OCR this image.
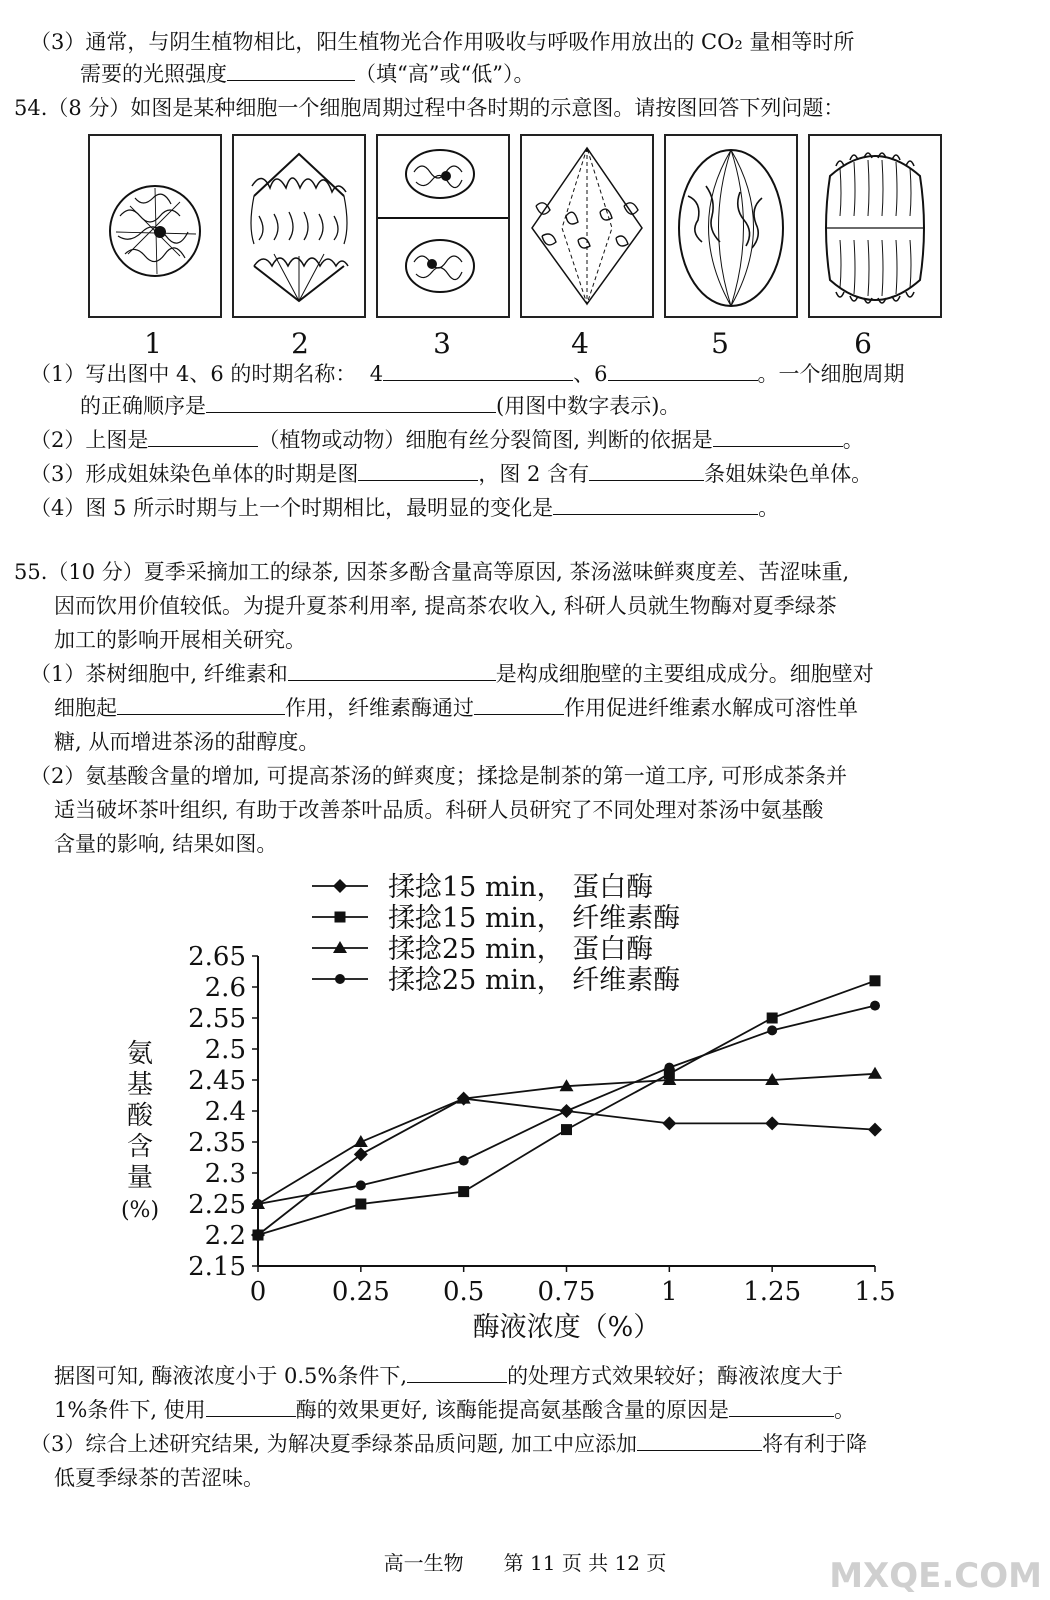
（3）通常，与阴生植物相比，阳生植物光合作用吸收与呼吸作用放出的 CO₂ 量相等时所
需要的光照强度	（填“高”或“低”）。
54.（8 分）如图是某种细胞一个细胞周期过程中各时期的示意图。请按图回答下列问题：
1	2	3	4	5	6
（1）写出图中 4、6 的时期名称： 4	、6	。一个细胞周期
的正确顺序是	(用图中数字表示)。
（2）上图是	（植物或动物）细胞有丝分裂简图, 判断的依据是	。
（3）形成姐妹染色单体的时期是图	，图 2 含有	条姐妹染色单体。
（4）图 5 所示时期与上一个时期相比，最明显的变化是	。
55.（10 分）夏季采摘加工的绿茶, 因茶多酚含量高等原因, 茶汤滋味鲜爽度差、苦涩味重,
因而饮用价值较低。为提升夏茶利用率, 提高茶农收入, 科研人员就生物酶对夏季绿茶
加工的影响开展相关研究。
（1）茶树细胞中, 纤维素和	是构成细胞壁的主要组成成分。细胞壁对
细胞起	作用，纤维素酶通过	作用促进纤维素水解成可溶性单
糖, 从而增进茶汤的甜醇度。
（2）氨基酸含量的增加, 可提高茶汤的鲜爽度；揉捻是制茶的第一道工序, 可形成茶条并
适当破坏茶叶组织, 有助于改善茶叶品质。科研人员研究了不同处理对茶汤中氨基酸
含量的影响, 结果如图。
2.15
2.2
2.25
2.3
2.35
2.4
2.45
2.5
2.55
2.6
2.65
0	0.25 0.5 0.75	1	1.25 1.5
酶液浓度（%）
氨
基
酸
含
量
(%)
揉捻15 min， 蛋白酶
揉捻15 min， 纤维素酶
揉捻25 min， 蛋白酶
揉捻25 min， 纤维素酶
据图可知, 酶液浓度小于 0.5%条件下,	的处理方式效果较好；酶液浓度大于
1%条件下, 使用	酶的效果更好, 该酶能提高氨基酸含量的原因是	。
（3）综合上述研究结果, 为解决夏季绿茶品质问题, 加工中应添加	将有利于降
低夏季绿茶的苦涩味。
高一生物　　第 11 页 共 12 页	MXQE.COM
